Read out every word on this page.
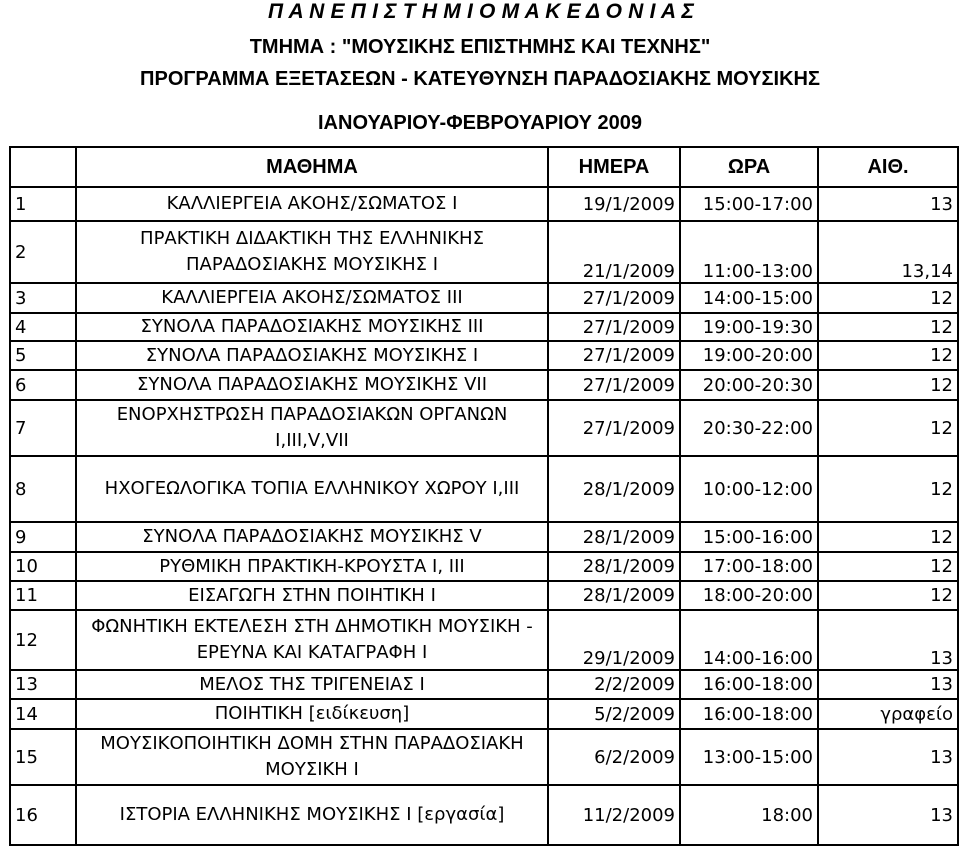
Π Α Ν Ε Π Ι Σ Τ Η Μ Ι Ο Μ Α Κ Ε Δ Ο Ν Ι Α Σ
ΤΜΗΜΑ : "ΜΟΥΣΙΚΗΣ ΕΠΙΣΤΗΜΗΣ ΚΑΙ ΤΕΧΝΗΣ"
ΠΡΟΓΡΑΜΜΑ ΕΞΕΤΑΣΕΩΝ - ΚΑΤΕΥΘΥΝΣΗ ΠΑΡΑΔΟΣΙΑΚΗΣ ΜΟΥΣΙΚΗΣ
ΙΑΝΟΥΑΡΙΟΥ-ΦΕΒΡΟΥΑΡΙΟΥ 2009
	ΜΑΘΗΜΑ	ΗΜΕΡΑ	ΩΡΑ	ΑΙΘ.
1	ΚΑΛΛΙΕΡΓΕΙΑ ΑΚΟΗΣ/ΣΩΜΑΤΟΣ Ι	19/1/2009	15:00-17:00	13
2	ΠΡΑΚΤΙΚΗ ΔΙΔΑΚΤΙΚΗ ΤΗΣ ΕΛΛΗΝΙΚΗΣ ΠΑΡΑΔΟΣΙΑΚΗΣ ΜΟΥΣΙΚΗΣ Ι	21/1/2009	11:00-13:00	13,14
3	ΚΑΛΛΙΕΡΓΕΙΑ ΑΚΟΗΣ/ΣΩΜΑΤΟΣ ΙΙΙ	27/1/2009	14:00-15:00	12
4	ΣΥΝΟΛΑ ΠΑΡΑΔΟΣΙΑΚΗΣ ΜΟΥΣΙΚΗΣ ΙΙΙ	27/1/2009	19:00-19:30	12
5	ΣΥΝΟΛΑ ΠΑΡΑΔΟΣΙΑΚΗΣ ΜΟΥΣΙΚΗΣ Ι	27/1/2009	19:00-20:00	12
6	ΣΥΝΟΛΑ ΠΑΡΑΔΟΣΙΑΚΗΣ ΜΟΥΣΙΚΗΣ VII	27/1/2009	20:00-20:30	12
7	ΕΝΟΡΧΗΣΤΡΩΣΗ ΠΑΡΑΔΟΣΙΑΚΩΝ ΟΡΓΑΝΩΝ Ι,ΙΙΙ,V,VII	27/1/2009	20:30-22:00	12
8	ΗΧΟΓΕΩΛΟΓΙΚΑ ΤΟΠΙΑ ΕΛΛΗΝΙΚΟΥ ΧΩΡΟΥ Ι,ΙΙΙ	28/1/2009	10:00-12:00	12
9	ΣΥΝΟΛΑ ΠΑΡΑΔΟΣΙΑΚΗΣ ΜΟΥΣΙΚΗΣ V	28/1/2009	15:00-16:00	12
10	ΡΥΘΜΙΚΗ ΠΡΑΚΤΙΚΗ-ΚΡΟΥΣΤΑ Ι, ΙΙΙ	28/1/2009	17:00-18:00	12
11	ΕΙΣΑΓΩΓΗ ΣΤΗΝ ΠΟΙΗΤΙΚΗ Ι	28/1/2009	18:00-20:00	12
12	ΦΩΝΗΤΙΚΗ ΕΚΤΕΛΕΣΗ ΣΤΗ ΔΗΜΟΤΙΚΗ ΜΟΥΣΙΚΗ - ΕΡΕΥΝΑ ΚΑΙ ΚΑΤΑΓΡΑΦΗ Ι	29/1/2009	14:00-16:00	13
13	ΜΕΛΟΣ ΤΗΣ ΤΡΙΓΕΝΕΙΑΣ Ι	2/2/2009	16:00-18:00	13
14	ΠΟΙΗΤΙΚΗ [ειδίκευση]	5/2/2009	16:00-18:00	γραφείο
15	ΜΟΥΣΙΚΟΠΟΙΗΤΙΚΗ ΔΟΜΗ ΣΤΗΝ ΠΑΡΑΔΟΣΙΑΚΗ ΜΟΥΣΙΚΗ Ι	6/2/2009	13:00-15:00	13
16	ΙΣΤΟΡΙΑ ΕΛΛΗΝΙΚΗΣ ΜΟΥΣΙΚΗΣ Ι [εργασία]	11/2/2009	18:00	13
